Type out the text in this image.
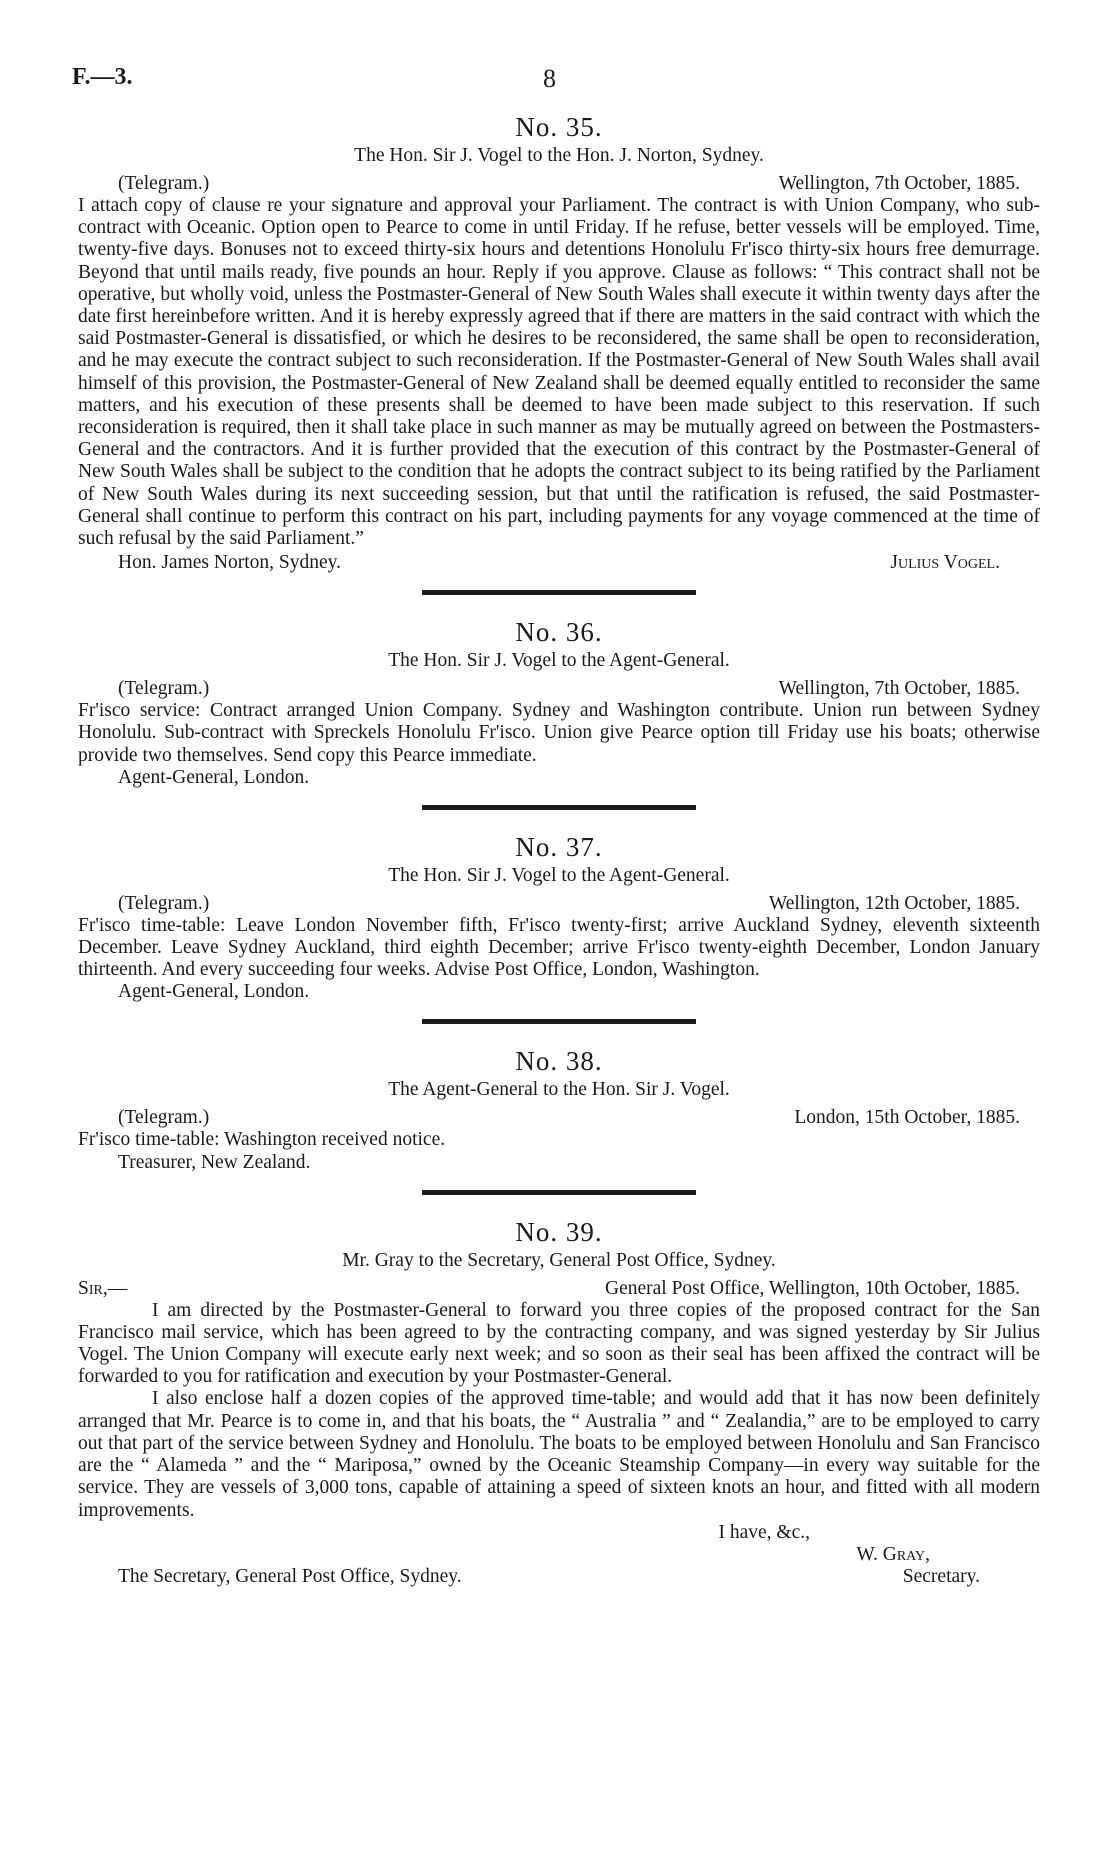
F.—3.	8
No. 35.
The Hon. Sir J. Vogel to the Hon. J. Norton, Sydney.
(Telegram.)	Wellington, 7th October, 1885.

I attach copy of clause re your signature and approval your Parliament. The contract is with Union Company, who sub-contract with Oceanic. Option open to Pearce to come in until Friday. If he refuse, better vessels will be employed. Time, twenty-five days. Bonuses not to exceed thirty-six hours and detentions Honolulu Fr'isco thirty-six hours free demurrage. Beyond that until mails ready, five pounds an hour. Reply if you approve. Clause as follows: “ This contract shall not be operative, but wholly void, unless the Postmaster-General of New South Wales shall execute it within twenty days after the date first hereinbefore written. And it is hereby expressly agreed that if there are matters in the said contract with which the said Postmaster-General is dissatisfied, or which he desires to be reconsidered, the same shall be open to reconsideration, and he may execute the contract subject to such reconsideration. If the Postmaster-General of New South Wales shall avail himself of this provision, the Postmaster-General of New Zealand shall be deemed equally entitled to reconsider the same matters, and his execution of these presents shall be deemed to have been made subject to this reservation. If such reconsideration is required, then it shall take place in such manner as may be mutually agreed on between the Postmasters-General and the contractors. And it is further provided that the execution of this contract by the Postmaster-General of New South Wales shall be subject to the condition that he adopts the contract subject to its being ratified by the Parliament of New South Wales during its next succeeding session, but that until the ratification is refused, the said Postmaster-General shall continue to perform this contract on his part, including payments for any voyage commenced at the time of such refusal by the said Parliament.”

Hon. James Norton, Sydney.	Julius Vogel.
No. 36.
The Hon. Sir J. Vogel to the Agent-General.
(Telegram.)	Wellington, 7th October, 1885.

Fr'isco service: Contract arranged Union Company. Sydney and Washington contribute. Union run between Sydney Honolulu. Sub-contract with Spreckels Honolulu Fr'isco. Union give Pearce option till Friday use his boats; otherwise provide two themselves. Send copy this Pearce immediate.

Agent-General, London.
No. 37.
The Hon. Sir J. Vogel to the Agent-General.
(Telegram.)	Wellington, 12th October, 1885.

Fr'isco time-table: Leave London November fifth, Fr'isco twenty-first; arrive Auckland Sydney, eleventh sixteenth December. Leave Sydney Auckland, third eighth December; arrive Fr'isco twenty-eighth December, London January thirteenth. And every succeeding four weeks. Advise Post Office, London, Washington.

Agent-General, London.
No. 38.
The Agent-General to the Hon. Sir J. Vogel.
(Telegram.)	London, 15th October, 1885.

Fr'isco time-table: Washington received notice.

Treasurer, New Zealand.
No. 39.
Mr. Gray to the Secretary, General Post Office, Sydney.
Sir,—	General Post Office, Wellington, 10th October, 1885.

I am directed by the Postmaster-General to forward you three copies of the proposed contract for the San Francisco mail service, which has been agreed to by the contracting company, and was signed yesterday by Sir Julius Vogel. The Union Company will execute early next week; and so soon as their seal has been affixed the contract will be forwarded to you for ratification and execution by your Postmaster-General.

I also enclose half a dozen copies of the approved time-table; and would add that it has now been definitely arranged that Mr. Pearce is to come in, and that his boats, the “ Australia ” and “ Zealandia,” are to be employed to carry out that part of the service between Sydney and Honolulu. The boats to be employed between Honolulu and San Francisco are the “ Alameda ” and the “ Mariposa,” owned by the Oceanic Steamship Company—in every way suitable for the service. They are vessels of 3,000 tons, capable of attaining a speed of sixteen knots an hour, and fitted with all modern improvements.

I have, &c.,
W. Gray,
The Secretary, General Post Office, Sydney.	Secretary.
